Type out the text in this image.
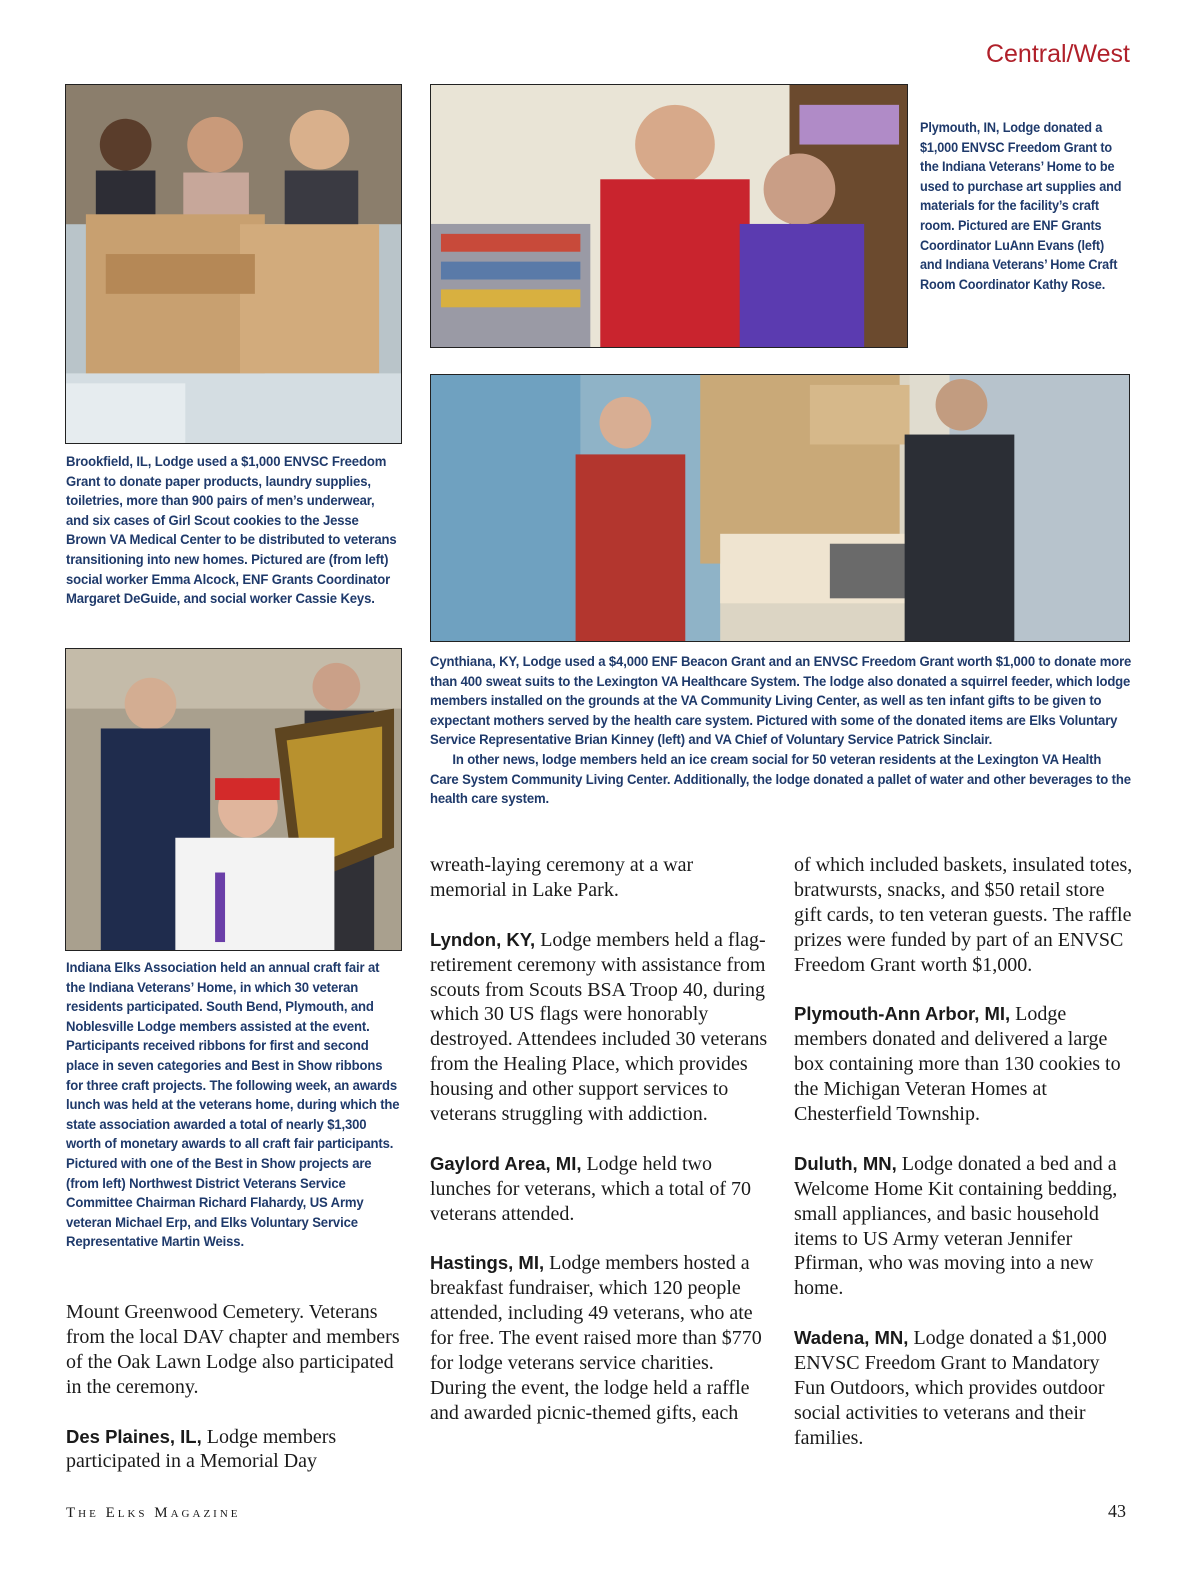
Central/West
Plymouth, IN, Lodge donated a $1,000 ENVSC Freedom Grant to the Indiana Veterans’ Home to be used to purchase art supplies and materials for the facility’s craft room. Pictured are ENF Grants Coordinator LuAnn Evans (left) and Indiana Veterans’ Home Craft Room Coordinator Kathy Rose.
Brookfield, IL, Lodge used a $1,000 ENVSC Freedom Grant to donate paper products, laundry supplies, toiletries, more than 900 pairs of men’s underwear, and six cases of Girl Scout cookies to the Jesse Brown VA Medical Center to be distributed to veterans transitioning into new homes. Pictured are (from left) social worker Emma Alcock, ENF Grants Coordinator Margaret DeGuide, and social worker Cassie Keys.
Cynthiana, KY, Lodge used a $4,000 ENF Beacon Grant and an ENVSC Freedom Grant worth $1,000 to donate more than 400 sweat suits to the Lexington VA Healthcare System. The lodge also donated a squirrel feeder, which lodge members installed on the grounds at the VA Community Living Center, as well as ten infant gifts to be given to expectant mothers served by the health care system. Pictured with some of the donated items are Elks Voluntary Service Representative Brian Kinney (left) and VA Chief of Voluntary Service Patrick Sinclair.
In other news, lodge members held an ice cream social for 50 veteran residents at the Lexington VA Health Care System Community Living Center. Additionally, the lodge donated a pallet of water and other beverages to the health care system.
Indiana Elks Association held an annual craft fair at the Indiana Veterans’ Home, in which 30 veteran residents participated. South Bend, Plymouth, and Noblesville Lodge members assisted at the event. Participants received ribbons for first and second place in seven categories and Best in Show ribbons for three craft projects. The following week, an awards lunch was held at the veterans home, during which the state association awarded a total of nearly $1,300 worth of monetary awards to all craft fair participants. Pictured with one of the Best in Show projects are (from left) Northwest District Veterans Service Committee Chairman Richard Flahardy, US Army veteran Michael Erp, and Elks Voluntary Service Representative Martin Weiss.

Mount Greenwood Cemetery. Veterans from the local DAV chapter and members of the Oak Lawn Lodge also participated in the ceremony.

Des Plaines, IL, Lodge members participated in a Memorial Day

wreath-laying ceremony at a war memorial in Lake Park.

Lyndon, KY, Lodge members held a flag-retirement ceremony with assistance from scouts from Scouts BSA Troop 40, during which 30 US flags were honorably destroyed. Attendees included 30 veterans from the Healing Place, which provides housing and other support services to veterans struggling with addiction.

Gaylord Area, MI, Lodge held two lunches for veterans, which a total of 70 veterans attended.

Hastings, MI, Lodge members hosted a breakfast fundraiser, which 120 people attended, including 49 veterans, who ate for free. The event raised more than $770 for lodge veterans service charities. During the event, the lodge held a raffle and awarded picnic-themed gifts, each

of which included baskets, insulated totes, bratwursts, snacks, and $50 retail store gift cards, to ten veteran guests. The raffle prizes were funded by part of an ENVSC Freedom Grant worth $1,000.

Plymouth-Ann Arbor, MI, Lodge members donated and delivered a large box containing more than 130 cookies to the Michigan Veteran Homes at Chesterfield Township.

Duluth, MN, Lodge donated a bed and a Welcome Home Kit containing bedding, small appliances, and basic household items to US Army veteran Jennifer Pfirman, who was moving into a new home.

Wadena, MN, Lodge donated a $1,000 ENVSC Freedom Grant to Mandatory Fun Outdoors, which provides outdoor social activities to veterans and their families.

The Elks Magazine	43
